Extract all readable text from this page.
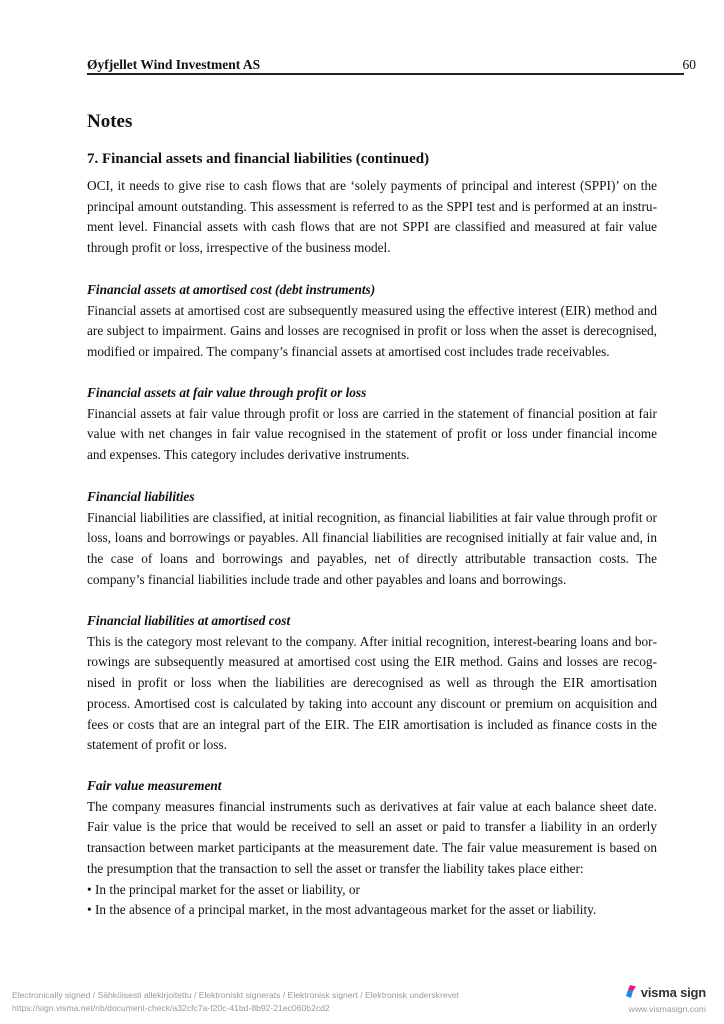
Øyfjellet Wind Investment AS	60
Notes
7. Financial assets and financial liabilities (continued)

OCI, it needs to give rise to cash flows that are ‘solely payments of principal and interest (SPPI)’ on the principal amount outstanding. This assessment is referred to as the SPPI test and is performed at an instrument level. Financial assets with cash flows that are not SPPI are classified and measured at fair value through profit or loss, irrespective of the business model.

Financial assets at amortised cost (debt instruments)
Financial assets at amortised cost are subsequently measured using the effective interest (EIR) method and are subject to impairment. Gains and losses are recognised in profit or loss when the asset is derecognised, modified or impaired. The company’s financial assets at amortised cost includes trade receivables.
Financial assets at fair value through profit or loss
Financial assets at fair value through profit or loss are carried in the statement of financial position at fair value with net changes in fair value recognised in the statement of profit or loss under financial income and expenses. This category includes derivative instruments.
Financial liabilities
Financial liabilities are classified, at initial recognition, as financial liabilities at fair value through profit or loss, loans and borrowings or payables. All financial liabilities are recognised initially at fair value and, in the case of loans and borrowings and payables, net of directly attributable transaction costs. The company’s financial liabilities include trade and other payables and loans and borrowings.
Financial liabilities at amortised cost
This is the category most relevant to the company. After initial recognition, interest-bearing loans and borrowings are subsequently measured at amortised cost using the EIR method. Gains and losses are recognised in profit or loss when the liabilities are derecognised as well as through the EIR amortisation process. Amortised cost is calculated by taking into account any discount or premium on acquisition and fees or costs that are an integral part of the EIR. The EIR amortisation is included as finance costs in the statement of profit or loss.
Fair value measurement
The company measures financial instruments such as derivatives at fair value at each balance sheet date. Fair value is the price that would be received to sell an asset or paid to transfer a liability in an orderly transaction between market participants at the measurement date. The fair value measurement is based on the presumption that the transaction to sell the asset or transfer the liability takes place either:
• In the principal market for the asset or liability, or
• In the absence of a principal market, in the most advantageous market for the asset or liability.
Electronically signed / Sähköisesti allekirjoitettu / Elektroniskt signerats / Elektronisk signert / Elektronisk underskrevet
https://sign.visma.net/nb/document-check/a32cfc7a-f20c-41bd-8b92-21ec060b2cd2
visma sign
www.vismasign.com
